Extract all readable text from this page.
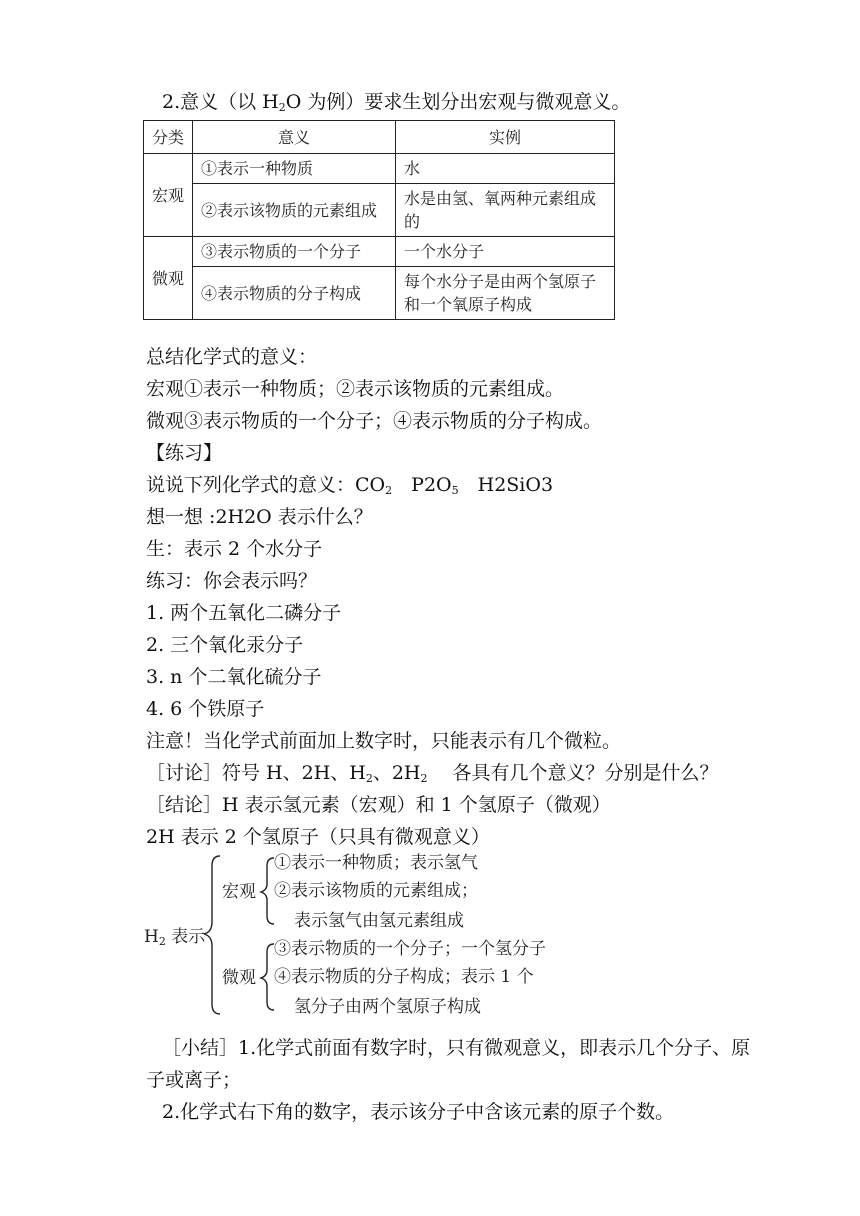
2.意义（以 $H_2O$ 为例）要求生划分出宏观与微观意义。
分类	意义	实例
宏观	①表示一种物质	水
	②表示该物质的元素组成	水是由氢、氧两种元素组成的
微观	③表示物质的一个分子	一个水分子
	④表示物质的分子构成	每个水分子是由两个氢原子和一个氧原子构成
总结化学式的意义：
宏观①表示一种物质；②表示该物质的元素组成。
微观③表示物质的一个分子；④表示物质的分子构成。
【练习】
说说下列化学式的意义：$CO_2$　 $P2O_5$　 H2SiO3
想一想 :2H2O 表示什么？
生：表示 2 个水分子
练习：你会表示吗？
1. 两个五氧化二磷分子
2. 三个氧化汞分子
3. n 个二氧化硫分子
4. 6 个铁原子
注意！当化学式前面加上数字时，只能表示有几个微粒。
［讨论］符号 H、2H、$H_2$、$2H_2$　 各具有几个意义？分别是什么？
［结论］H 表示氢元素（宏观）和 1 个氢原子（微观）
2H 表示 2 个氢原子（只具有微观意义）
$H_2$ 表示
宏观
①表示一种物质；表示氢气
②表示该物质的元素组成；
表示氢气由氢元素组成
微观
③表示物质的一个分子；一个氢分子
④表示物质的分子构成；表示 1 个
氢分子由两个氢原子构成
［小结］1.化学式前面有数字时，只有微观意义，即表示几个分子、原
子或离子；
2.化学式右下角的数字，表示该分子中含该元素的原子个数。
